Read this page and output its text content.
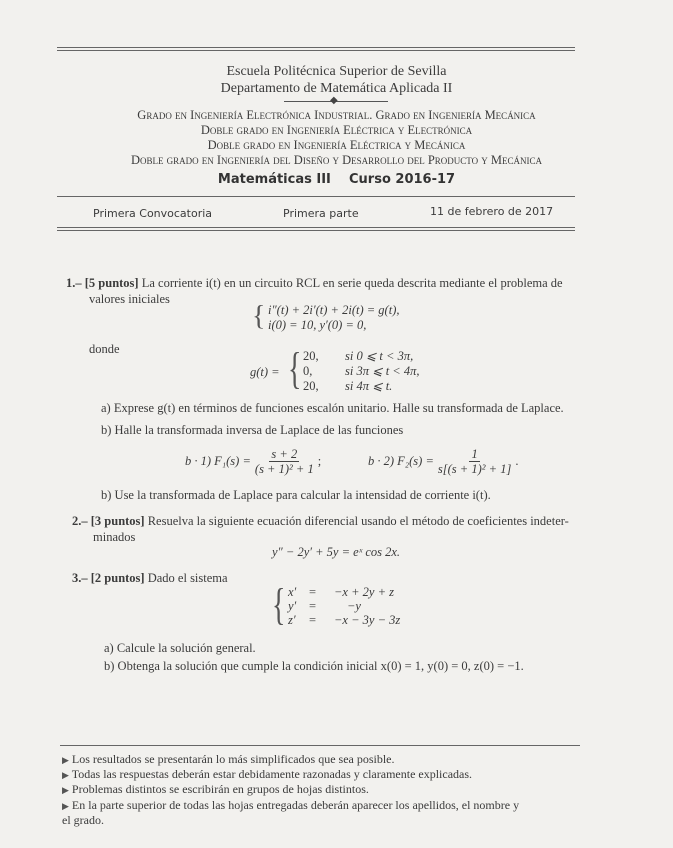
Escuela Politécnica Superior de Sevilla
Departamento de Matemática Aplicada II
◆
Grado en Ingeniería Electrónica Industrial. Grado en Ingeniería Mecánica
Doble grado en Ingeniería Eléctrica y Electrónica
Doble grado en Ingeniería Eléctrica y Mecánica
Doble grado en Ingeniería del Diseño y Desarrollo del Producto y Mecánica
Matemáticas III Curso 2016-17
Primera Convocatoria	Primera parte	11 de febrero de 2017
1.– [5 puntos] La corriente i(t) en un circuito RCL en serie queda descrita mediante el problema de
valores iniciales
{ i″(t) + 2i′(t) + 2i(t) = g(t),
i(0) = 10, y′(0) = 0,
donde
g(t) = { 20, si 0 ⩽ t < 3π,
0,	si 3π ⩽ t < 4π,
20, si 4π ⩽ t.
a) Exprese g(t) en términos de funciones escalón unitario. Halle su transformada de Laplace.
b) Halle la transformada inversa de Laplace de las funciones
b · 1) $F_1(s) = \frac{s + 2}{\text{(s + 1)² + 1}}$ ;	b · 2) $F_2(s) = \frac{1}{\text{s[(s + 1)² + 1]}}$ .
b) Use la transformada de Laplace para calcular la intensidad de corriente i(t).
2.– [3 puntos] Resuelva la siguiente ecuación diferencial usando el método de coeficientes indeter-
minados
y″ − 2y′ + 5y = eˣ cos 2x.
3.– [2 puntos] Dado el sistema
{ x′ = −x + 2y + z
y′ = −y
z′ = −x − 3y − 3z
a) Calcule la solución general.
b) Obtenga la solución que cumple la condición inicial x(0) = 1, y(0) = 0, z(0) = −1.
▶ Los resultados se presentarán lo más simplificados que sea posible.
▶ Todas las respuestas deberán estar debidamente razonadas y claramente explicadas.
▶ Problemas distintos se escribirán en grupos de hojas distintos.
▶ En la parte superior de todas las hojas entregadas deberán aparecer los apellidos, el nombre y
el grado.
